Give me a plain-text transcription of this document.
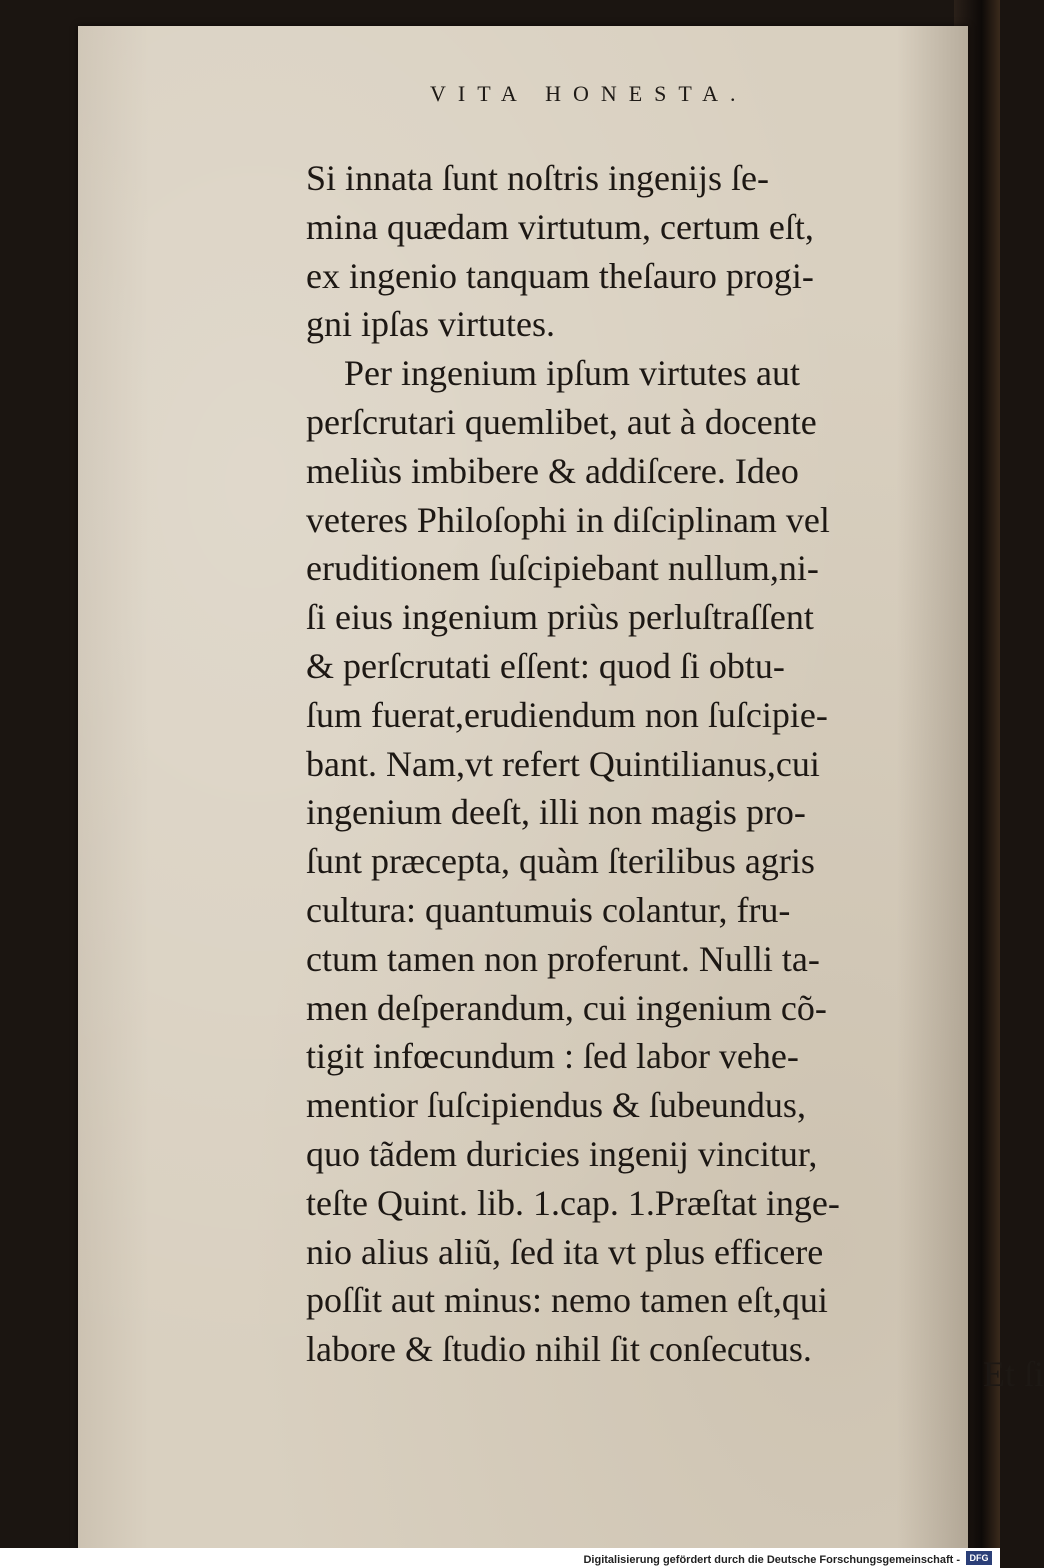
VITA HONESTA.
Si innata ſunt noſtris ingenijs ſe-
mina quædam virtutum, certum eſt,
ex ingenio tanquam theſauro progi-
gni ipſas virtutes.
Per ingenium ipſum virtutes aut
perſcrutari quemlibet, aut à docente
meliùs imbibere & addiſcere. Ideo
veteres Philoſophi in diſciplinam vel
eruditionem ſuſcipiebant nullum,ni-
ſi eius ingenium priùs perluſtraſſent
& perſcrutati eſſent: quod ſi obtu-
ſum fuerat,erudiendum non ſuſcipie-
bant. Nam,vt refert Quintilianus,cui
ingenium deeſt, illi non magis pro-
ſunt præcepta, quàm ſterilibus agris
cultura: quantumuis colantur, fru-
ctum tamen non proferunt. Nulli ta-
men deſperandum, cui ingenium cõ-
tigit infœcundum : ſed labor vehe-
mentior ſuſcipiendus & ſubeundus,
quo tãdem duricies ingenij vincitur,
teſte Quint. lib. 1.cap. 1.Præſtat inge-
nio alius aliũ, ſed ita vt plus efficere
poſſit aut minus: nemo tamen eſt,qui
labore & ſtudio nihil ſit conſecutus.
Et ſi
Digitalisierung gefördert durch die Deutsche Forschungsgemeinschaft -	DFG
